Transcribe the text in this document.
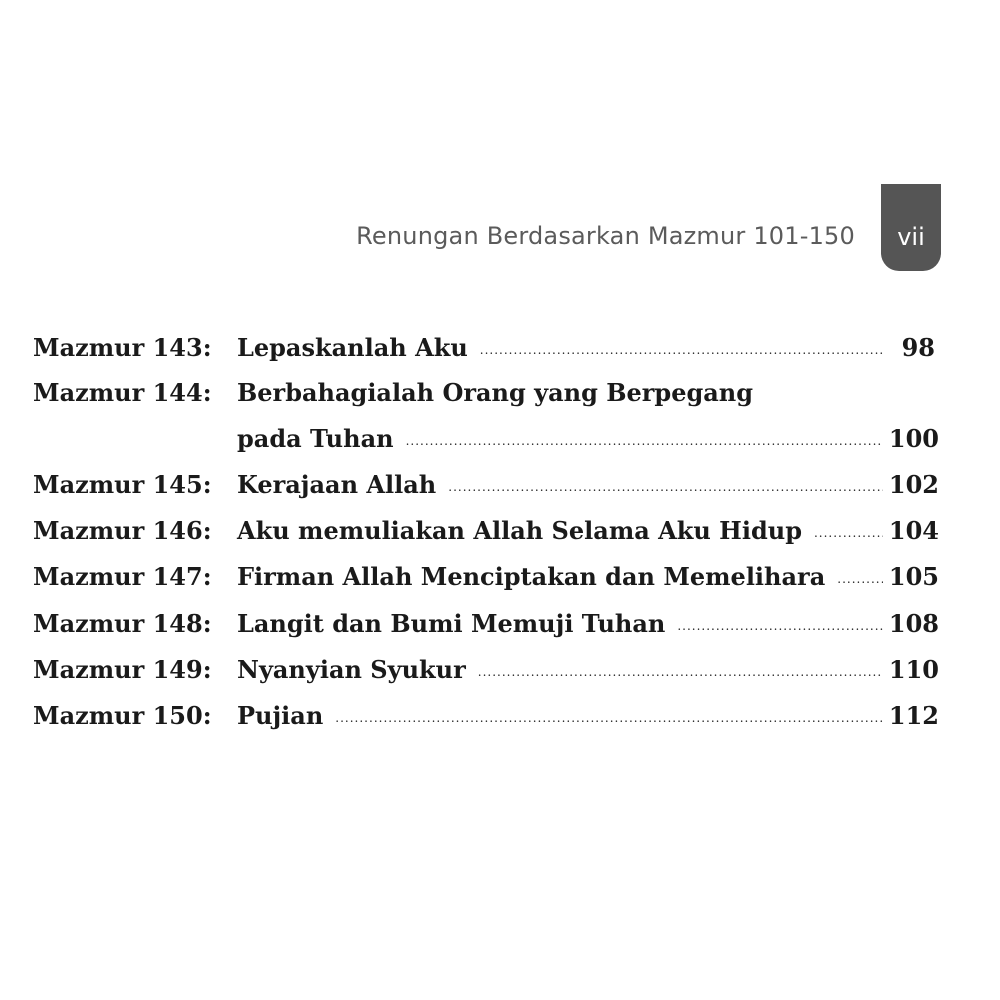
Renungan Berdasarkan Mazmur 101-150	vii
Mazmur 143: Lepaskanlah Aku .....	98
Mazmur 144: Berbahagialah Orang yang Berpegang
pada Tuhan .....	100
Mazmur 145: Kerajaan Allah .....	102
Mazmur 146: Aku memuliakan Allah Selama Aku Hidup .....	104
Mazmur 147: Firman Allah Menciptakan dan Memelihara .....	105
Mazmur 148: Langit dan Bumi Memuji Tuhan .....	108
Mazmur 149: Nyanyian Syukur .....	110
Mazmur 150: Pujian .....	112
